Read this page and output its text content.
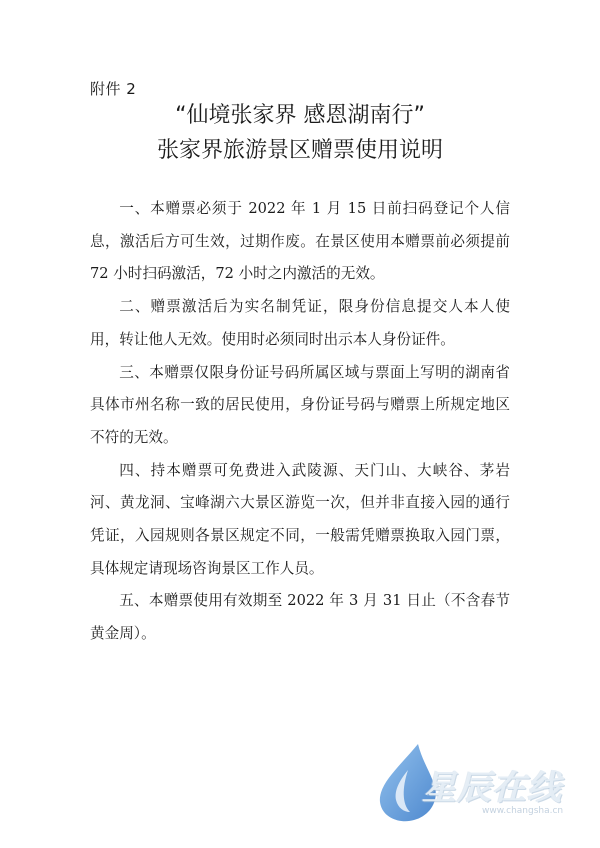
附件 2
“仙境张家界 感恩湖南行”
张家界旅游景区赠票使用说明

一、本赠票必须于 2022 年 1 月 15 日前扫码登记个人信息，激活后方可生效，过期作废。在景区使用本赠票前必须提前 72 小时扫码激活，72 小时之内激活的无效。

二、赠票激活后为实名制凭证，限身份信息提交人本人使用，转让他人无效。使用时必须同时出示本人身份证件。

三、本赠票仅限身份证号码所属区域与票面上写明的湖南省具体市州名称一致的居民使用，身份证号码与赠票上所规定地区不符的无效。

四、持本赠票可免费进入武陵源、天门山、大峡谷、茅岩河、黄龙洞、宝峰湖六大景区游览一次，但并非直接入园的通行凭证，入园规则各景区规定不同，一般需凭赠票换取入园门票，具体规定请现场咨询景区工作人员。

五、本赠票使用有效期至 2022 年 3 月 31 日止（不含春节黄金周）。

星辰在线
www.changsha.cn
